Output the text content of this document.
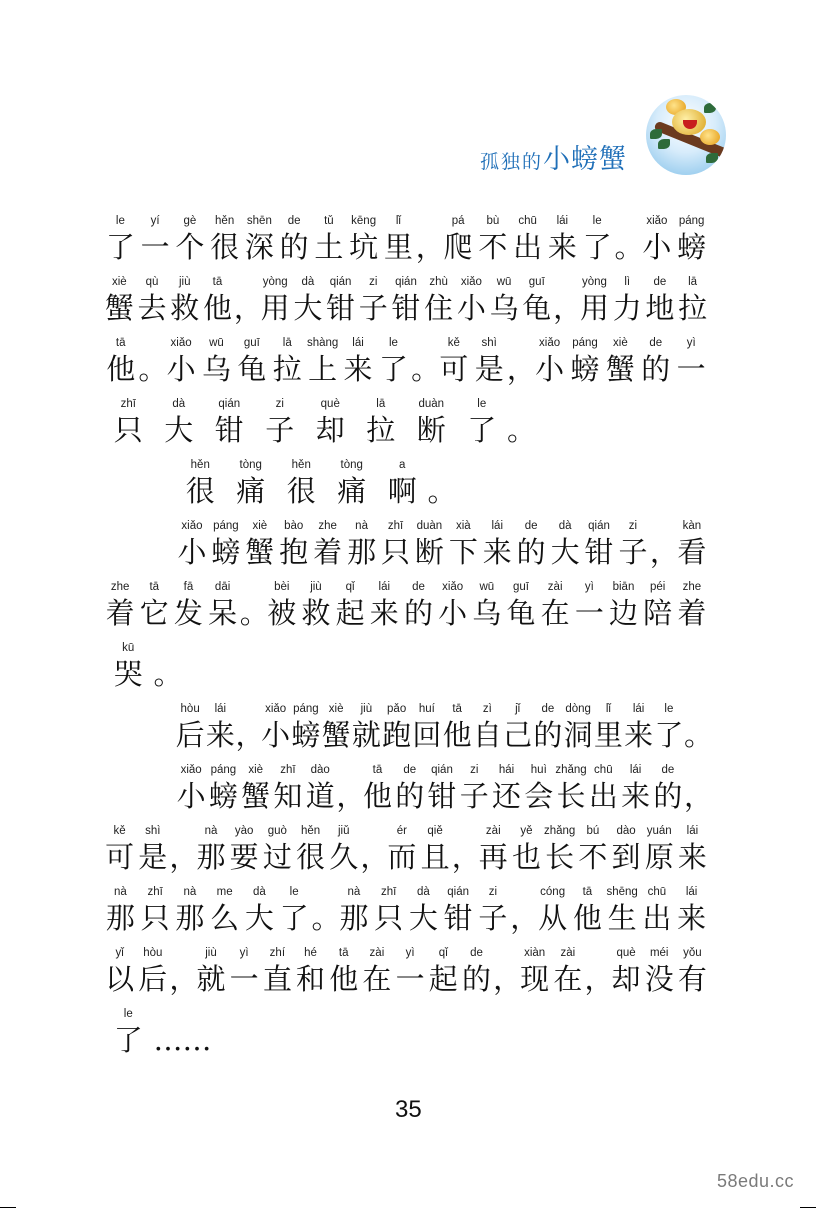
孤独的小螃蟹
le
了
yí
一
gè
个
hěn
很
shēn
深
de
的
tǔ
土
kēng
坑
lǐ
里 ，
pá
爬
bù
不
chū
出
lái
来
le
了 。
xiǎo
小
páng
螃
xiè
蟹
qù
去
jiù
救
tā
他 ，
yòng
用
dà
大
qián
钳
zi
子
qián
钳
zhù
住
xiǎo
小
wū
乌
guī
龟 ，
yòng
用
lì
力
de
地
lā
拉
tā
他 。
xiǎo
小
wū
乌
guī
龟
lā
拉
shàng
上
lái
来
le
了 。
kě
可
shì
是 ，
xiǎo
小
páng
螃
xiè
蟹
de
的
yì
一
zhī
只
dà
大
qián
钳
zi
子
què
却
lā
拉
duàn
断
le
了 。
hěn
很
tòng
痛
hěn
很
tòng
痛
a
啊 。
xiǎo
小
páng
螃
xiè
蟹
bào
抱
zhe
着
nà
那
zhī
只
duàn
断
xià
下
lái
来
de
的
dà
大
qián
钳
zi
子 ，
kàn
看
zhe
着
tā
它
fā
发
dāi
呆 。
bèi
被
jiù
救
qǐ
起
lái
来
de
的
xiǎo
小
wū
乌
guī
龟
zài
在
yì
一
biān
边
péi
陪
zhe
着
kū
哭 。
hòu
后
lái
来 ，
xiǎo
小
páng
螃
xiè
蟹
jiù
就
pǎo
跑
huí
回
tā
他
zì
自
jǐ
己
de
的
dòng
洞
lǐ
里
lái
来
le
了 。
xiǎo
小
páng
螃
xiè
蟹
zhī
知
dào
道 ，
tā
他
de
的
qián
钳
zi
子
hái
还
huì
会
zhǎng
长
chū
出
lái
来
de
的 ，
kě
可
shì
是 ，
nà
那
yào
要
guò
过
hěn
很
jiǔ
久 ，
ér
而
qiě
且 ，
zài
再
yě
也
zhǎng
长
bú
不
dào
到
yuán
原
lái
来
nà
那
zhī
只
nà
那
me
么
dà
大
le
了 。
nà
那
zhī
只
dà
大
qián
钳
zi
子 ，
cóng
从
tā
他
shēng
生
chū
出
lái
来
yǐ
以
hòu
后 ，
jiù
就
yì
一
zhí
直
hé
和
tā
他
zài
在
yì
一
qǐ
起
de
的 ，
xiàn
现
zài
在 ，
què
却
méi
没
yǒu
有
le
了 ……
35
58edu.cc
